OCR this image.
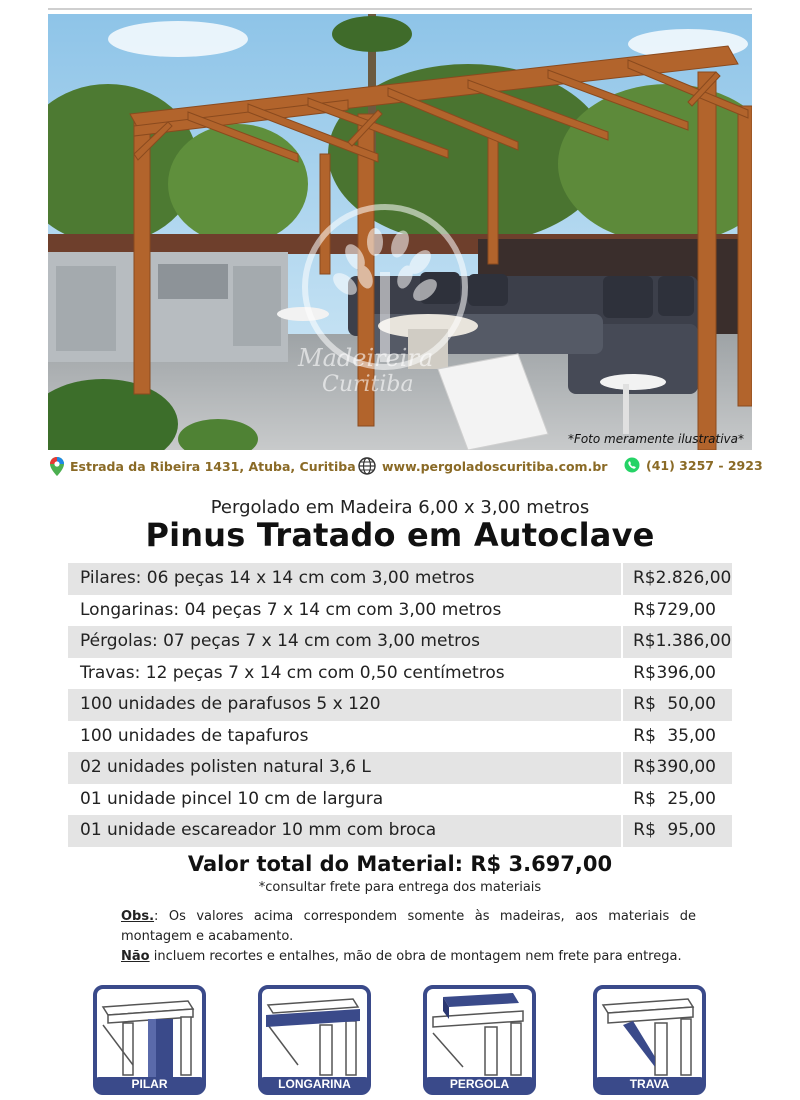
Madeireira
Curitiba
*Foto meramente ilustrativa*
Estrada da Ribeira 1431, Atuba, Curitiba www.pergoladoscuritiba.com.br	(41) 3257 - 2923
Pergolado em Madeira 6,00 x 3,00 metros
Pinus Tratado em Autoclave
Pilares: 06 peças 14 x 14 cm com 3,00 metros	R$ 2.826,00
Longarinas: 04 peças 7 x 14 cm com 3,00 metros	R$ 729,00
Pérgolas: 07 peças 7 x 14 cm com 3,00 metros	R$ 1.386,00
Travas: 12 peças 7 x 14 cm com 0,50 centímetros	R$ 396,00
100 unidades de parafusos 5 x 120	R$ 50,00
100 unidades de tapafuros	R$ 35,00
02 unidades polisten natural 3,6 L	R$ 390,00
01 unidade pincel 10 cm de largura	R$ 25,00
01 unidade escareador 10 mm com broca	R$ 95,00
Valor total do Material: R$ 3.697,00
*consultar frete para entrega dos materiais
Obs.: Os valores acima correspondem somente às madeiras, aos materiais de montagem e acabamento.
Não incluem recortes e entalhes, mão de obra de montagem nem frete para entrega.
PILAR	LONGARINA	PERGOLA	TRAVA
